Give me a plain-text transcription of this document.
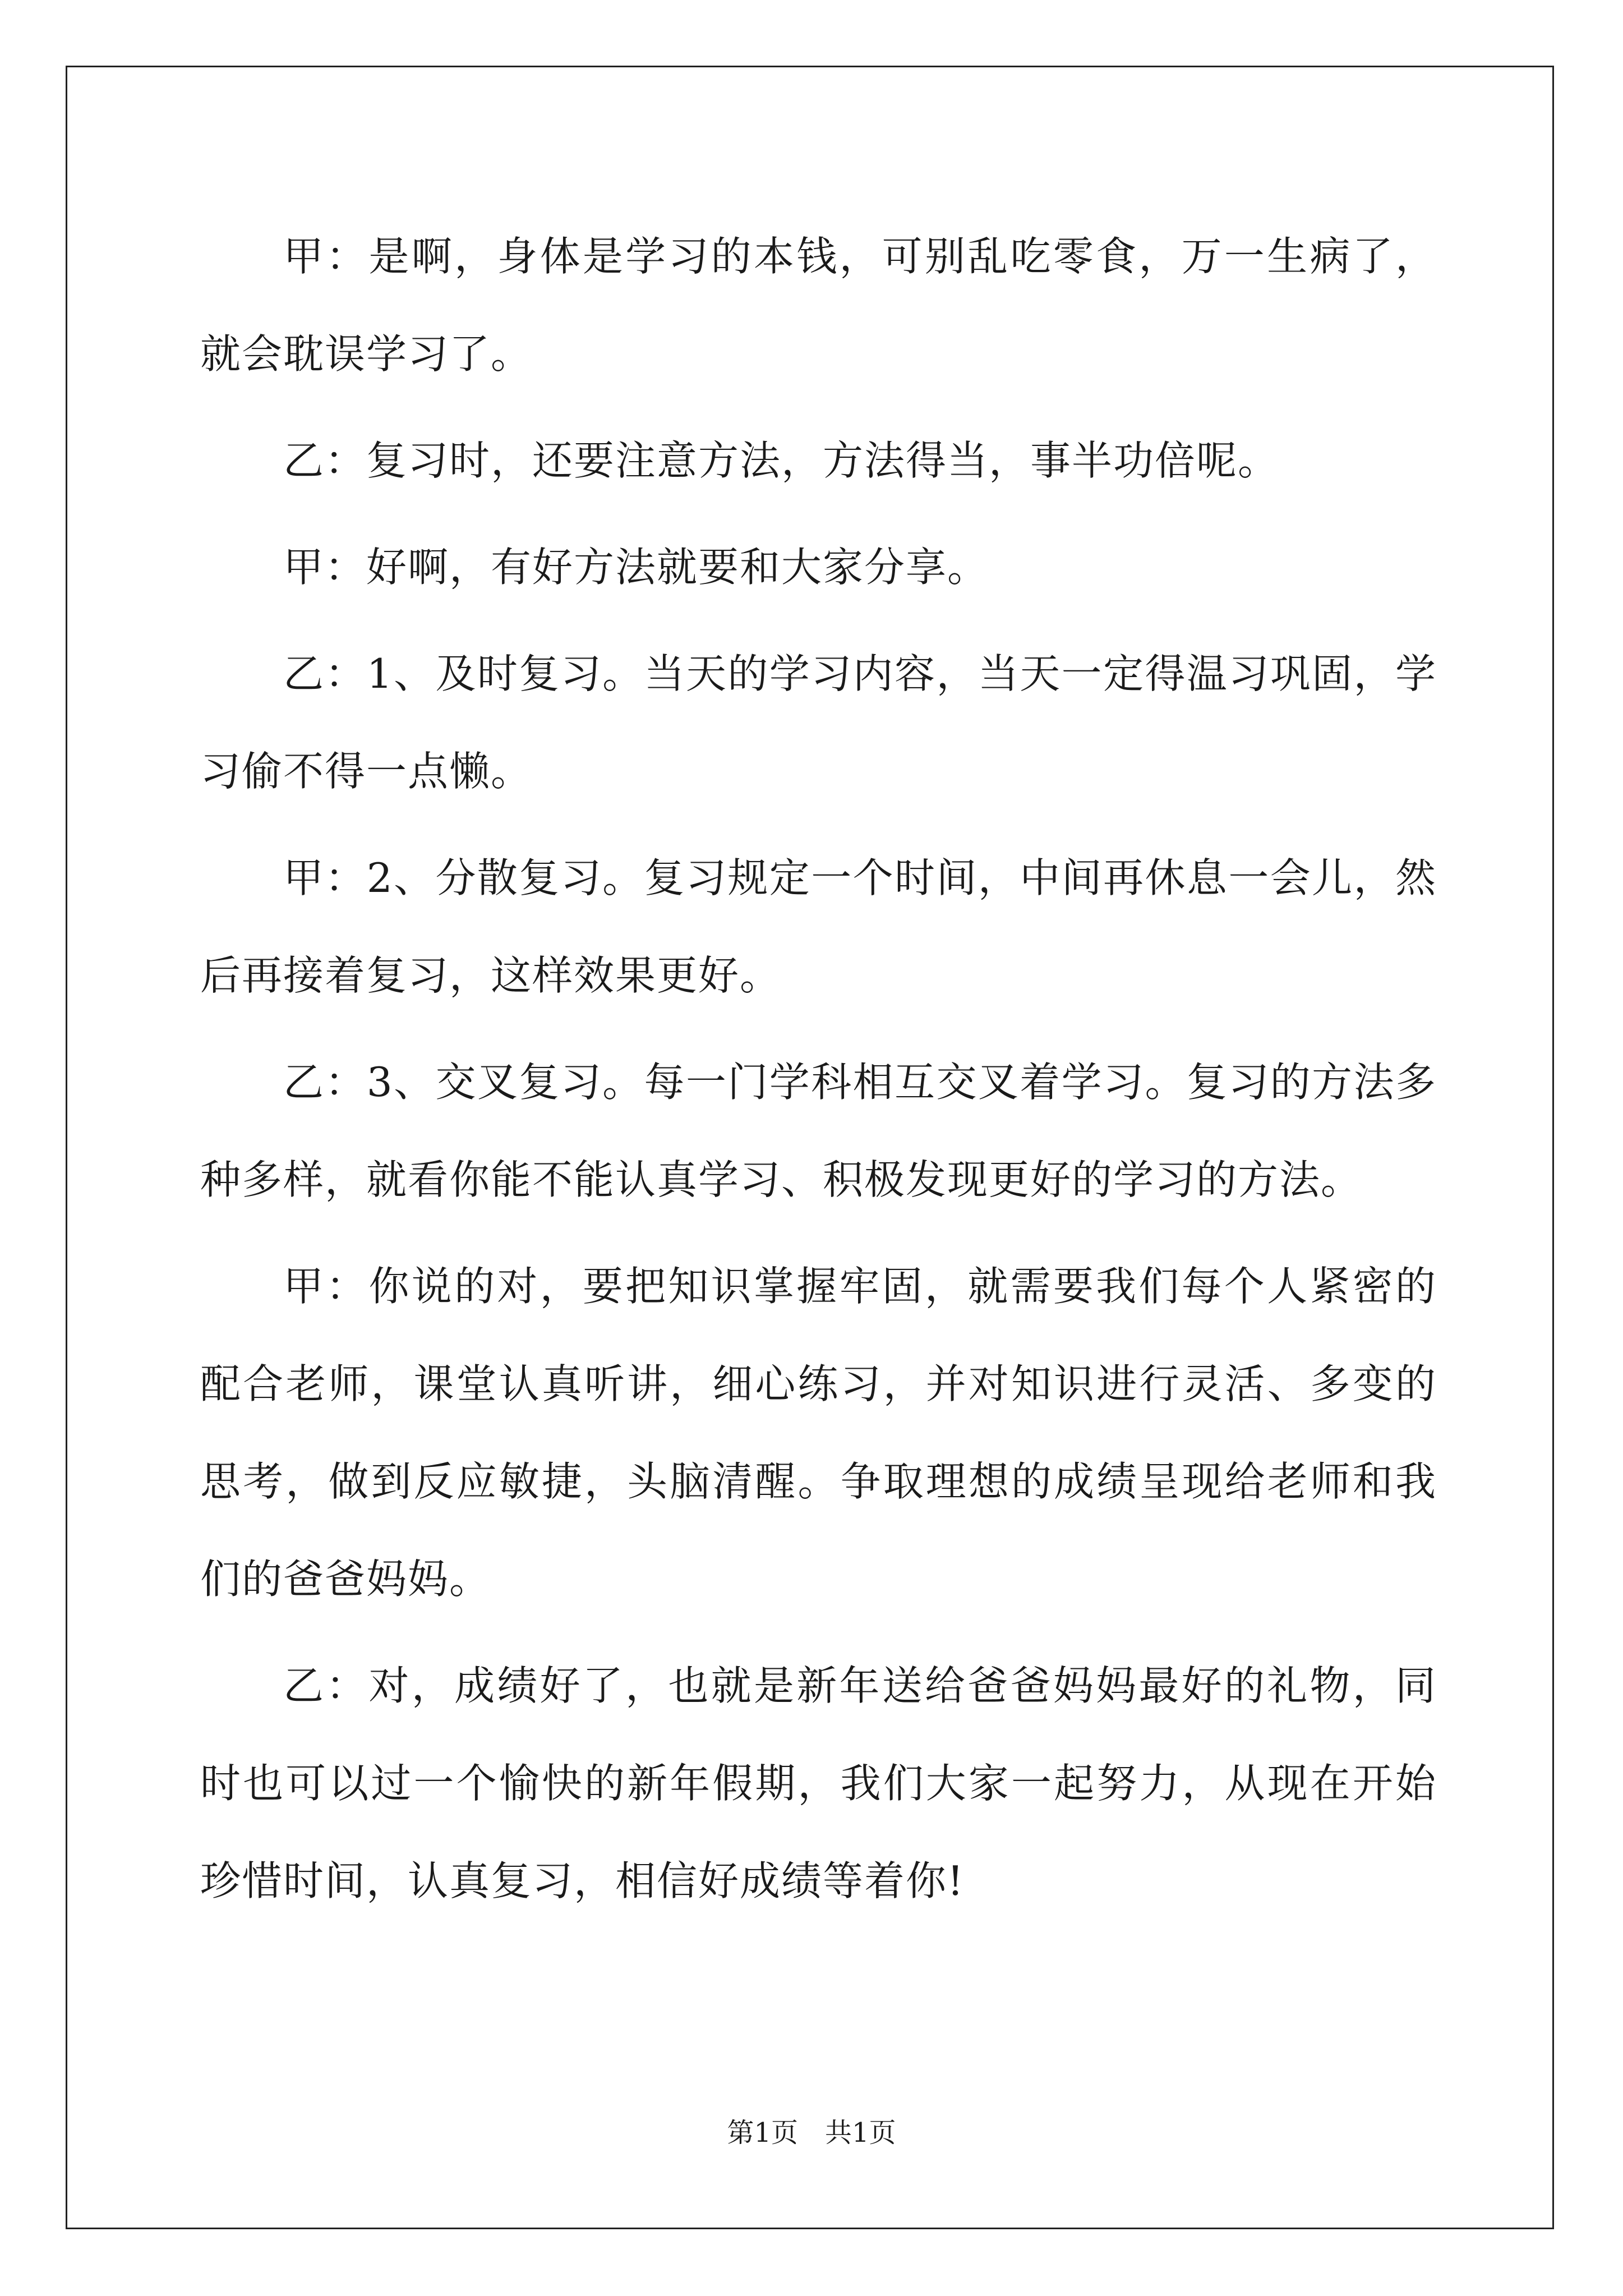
甲：是啊，身体是学习的本钱，可别乱吃零食，万一生病了，就会耽误学习了。

乙：复习时，还要注意方法，方法得当，事半功倍呢。

甲：好啊，有好方法就要和大家分享。

乙：1、及时复习。当天的学习内容，当天一定得温习巩固，学习偷不得一点懒。

甲：2、分散复习。复习规定一个时间，中间再休息一会儿，然后再接着复习，这样效果更好。

乙：3、交叉复习。每一门学科相互交叉着学习。复习的方法多种多样，就看你能不能认真学习、积极发现更好的学习的方法。

甲：你说的对，要把知识掌握牢固，就需要我们每个人紧密的配合老师，课堂认真听讲，细心练习，并对知识进行灵活、多变的思考，做到反应敏捷，头脑清醒。争取理想的成绩呈现给老师和我们的爸爸妈妈。

乙：对，成绩好了，也就是新年送给爸爸妈妈最好的礼物，同时也可以过一个愉快的新年假期，我们大家一起努力，从现在开始珍惜时间，认真复习，相信好成绩等着你!

第1页 共1页
